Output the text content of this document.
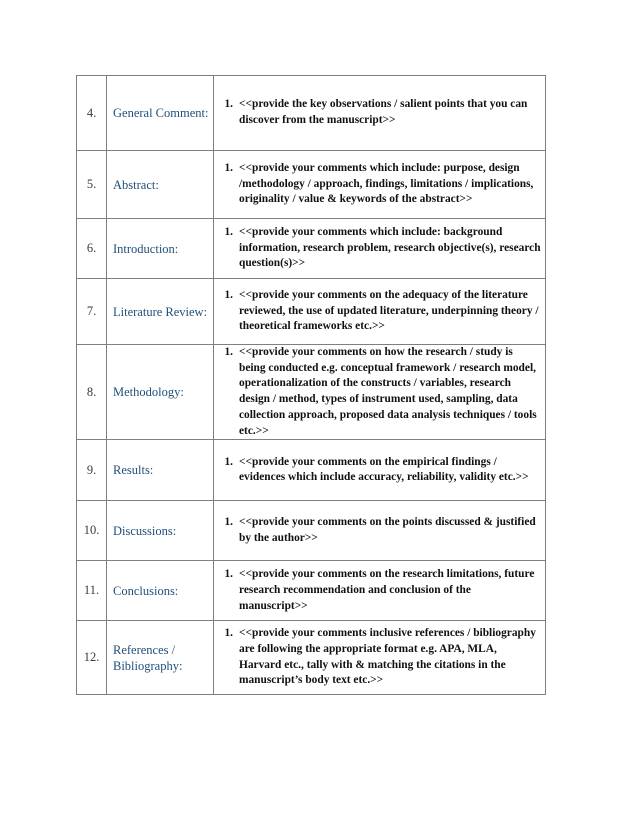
4.	General Comment:	1. <<provide the key observations / salient points that you can discover from the manuscript>>

5.	Abstract:	1. <<provide your comments which include: purpose, design /methodology / approach, findings, limitations / implications, originality / value & keywords of the abstract>>

6.	Introduction:	1. <<provide your comments which include: background information, research problem, research objective(s), research question(s)>>

7.	Literature Review:	1. <<provide your comments on the adequacy of the literature reviewed, the use of updated literature, underpinning theory / theoretical frameworks etc.>>

8.	Methodology:	1. <<provide your comments on how the research / study is being conducted e.g. conceptual framework / research model, operationalization of the constructs / variables, research design / method, types of instrument used, sampling, data collection approach, proposed data analysis techniques / tools etc.>>

9.	Results:	1. <<provide your comments on the empirical findings / evidences which include accuracy, reliability, validity etc.>>

10.	Discussions:	1. <<provide your comments on the points discussed & justified by the author>>

11.	Conclusions:	1. <<provide your comments on the research limitations, future research recommendation and conclusion of the manuscript>>

12.	References / Bibliography:	1. <<provide your comments inclusive references / bibliography are following the appropriate format e.g. APA, MLA, Harvard etc., tally with & matching the citations in the manuscript’s body text etc.>>
